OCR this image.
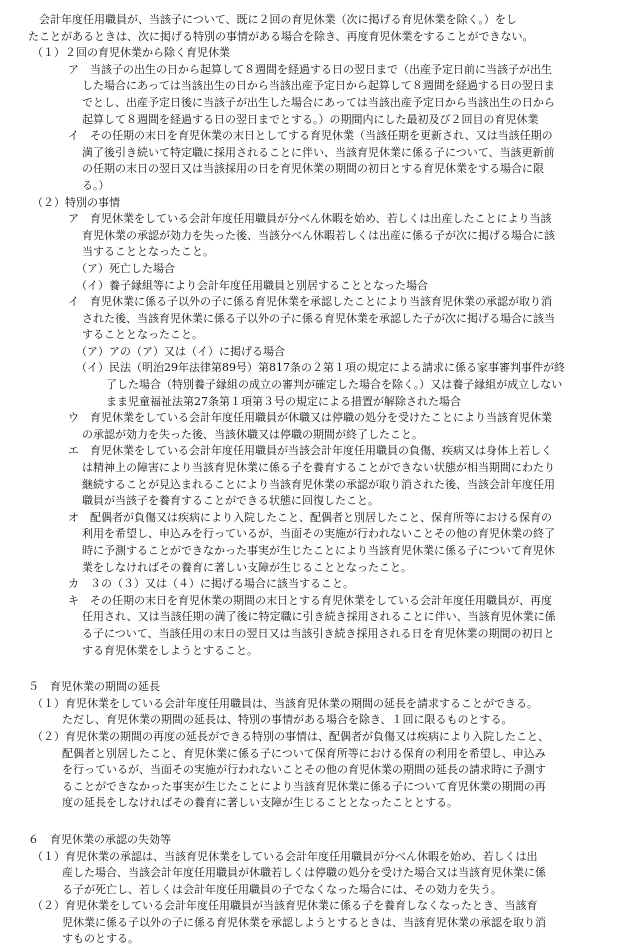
　会計年度任用職員が、当該子について、既に２回の育児休業（次に掲げる育児休業を除く。）をし
たことがあるときは、次に掲げる特別の事情がある場合を除き、再度育児休業をすることができない。
（１）２回の育児休業から除く育児休業
ア　当該子の出生の日から起算して８週間を経過する日の翌日まで（出産予定日前に当該子が出生
した場合にあっては当該出生の日から当該出産予定日から起算して８週間を経過する日の翌日ま
でとし、出産予定日後に当該子が出生した場合にあっては当該出産予定日から当該出生の日から
起算して８週間を経過する日の翌日までとする。）の期間内にした最初及び２回目の育児休業
イ　その任期の末日を育児休業の末日としてする育児休業（当該任期を更新され、又は当該任期の
満了後引き続いて特定職に採用されることに伴い、当該育児休業に係る子について、当該更新前
の任期の末日の翌日又は当該採用の日を育児休業の期間の初日とする育児休業をする場合に限
る。）
（２）特別の事情
ア　育児休業をしている会計年度任用職員が分べん休暇を始め、若しくは出産したことにより当該
育児休業の承認が効力を失った後、当該分べん休暇若しくは出産に係る子が次に掲げる場合に該
当することとなったこと。
（ア）死亡した場合
（イ）養子縁組等により会計年度任用職員と別居することとなった場合
イ　育児休業に係る子以外の子に係る育児休業を承認したことにより当該育児休業の承認が取り消
された後、当該育児休業に係る子以外の子に係る育児休業を承認した子が次に掲げる場合に該当
することとなったこと。
（ア）アの（ア）又は（イ）に掲げる場合
（イ）民法（明治29年法律第89号）第817条の２第１項の規定による請求に係る家事審判事件が終
了した場合（特別養子縁組の成立の審判が確定した場合を除く。）又は養子縁組が成立しない
まま児童福祉法第27条第１項第３号の規定による措置が解除された場合
ウ　育児休業をしている会計年度任用職員が休職又は停職の処分を受けたことにより当該育児休業
の承認が効力を失った後、当該休職又は停職の期間が終了したこと。
エ　育児休業をしている会計年度任用職員が当該会計年度任用職員の負傷、疾病又は身体上若しく
は精神上の障害により当該育児休業に係る子を養育することができない状態が相当期間にわたり
継続することが見込まれることにより当該育児休業の承認が取り消された後、当該会計年度任用
職員が当該子を養育することができる状態に回復したこと。
オ　配偶者が負傷又は疾病により入院したこと、配偶者と別居したこと、保育所等における保育の
利用を希望し、申込みを行っているが、当面その実施が行われないことその他の育児休業の終了
時に予測することができなかった事実が生じたことにより当該育児休業に係る子について育児休
業をしなければその養育に著しい支障が生じることとなったこと。
カ　３の（３）又は（４）に掲げる場合に該当すること。
キ　その任期の末日を育児休業の期間の末日とする育児休業をしている会計年度任用職員が、再度
任用され、又は当該任期の満了後に特定職に引き続き採用されることに伴い、当該育児休業に係
る子について、当該任用の末日の翌日又は当該引き続き採用される日を育児休業の期間の初日と
する育児休業をしようとすること。
５　育児休業の期間の延長
（１）育児休業をしている会計年度任用職員は、当該育児休業の期間の延長を請求することができる。
ただし、育児休業の期間の延長は、特別の事情がある場合を除き、１回に限るものとする。
（２）育児休業の期間の再度の延長ができる特別の事情は、配偶者が負傷又は疾病により入院したこと、
配偶者と別居したこと、育児休業に係る子について保育所等における保育の利用を希望し、申込み
を行っているが、当面その実施が行われないことその他の育児休業の期間の延長の請求時に予測す
ることができなかった事実が生じたことにより当該育児休業に係る子について育児休業の期間の再
度の延長をしなければその養育に著しい支障が生じることとなったこととする。
６　育児休業の承認の失効等
（１）育児休業の承認は、当該育児休業をしている会計年度任用職員が分べん休暇を始め、若しくは出
産した場合、当該会計年度任用職員が休職若しくは停職の処分を受けた場合又は当該育児休業に係
る子が死亡し、若しくは会計年度任用職員の子でなくなった場合には、その効力を失う。
（２）育児休業をしている会計年度任用職員が当該育児休業に係る子を養育しなくなったとき、当該育
児休業に係る子以外の子に係る育児休業を承認しようとするときは、当該育児休業の承認を取り消
すものとする。
